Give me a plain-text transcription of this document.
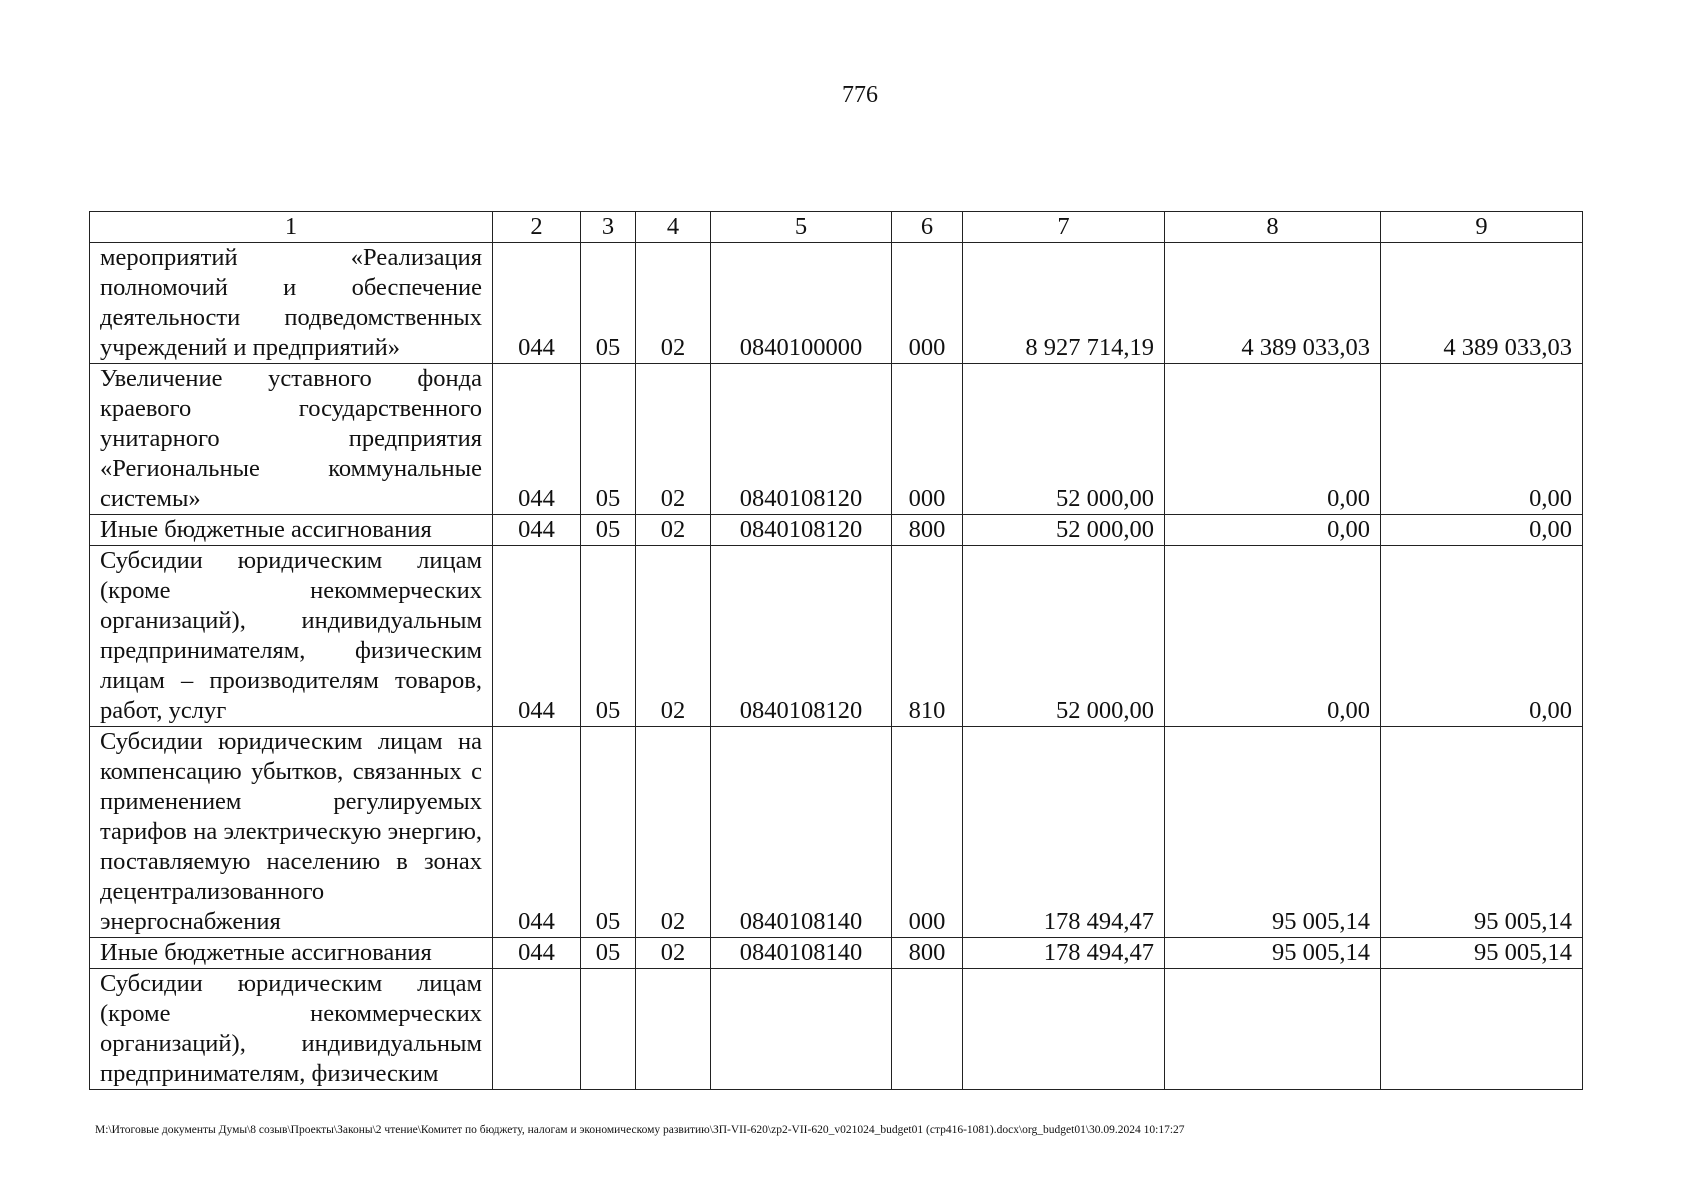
776
1	2	3	4	5	6	7	8	9
мероприятий «Реализация полномочий и обеспечение деятельности подведомственных учреждений и предприятий»	044	05	02	0840100000	000	8 927 714,19	4 389 033,03	4 389 033,03
Увеличение уставного фонда краевого государственного унитарного предприятия «Региональные коммунальные системы»	044	05	02	0840108120	000	52 000,00	0,00	0,00
Иные бюджетные ассигнования	044	05	02	0840108120	800	52 000,00	0,00	0,00
Субсидии юридическим лицам (кроме некоммерческих организаций), индивидуальным предпринимателям, физическим лицам – производителям товаров, работ, услуг	044	05	02	0840108120	810	52 000,00	0,00	0,00
Субсидии юридическим лицам на компенсацию убытков, связанных с применением регулируемых тарифов на электрическую энергию, поставляемую населению в зонах децентрализованного энергоснабжения	044	05	02	0840108140	000	178 494,47	95 005,14	95 005,14
Иные бюджетные ассигнования	044	05	02	0840108140	800	178 494,47	95 005,14	95 005,14
Субсидии юридическим лицам (кроме некоммерческих организаций), индивидуальным предпринимателям, физическим								
M:\Итоговые документы Думы\8 созыв\Проекты\Законы\2 чтение\Комитет по бюджету, налогам и экономическому развитию\ЗП-VII-620\zp2-VII-620_v021024_budget01 (стр416-1081).docx\org_budget01\30.09.2024 10:17:27
